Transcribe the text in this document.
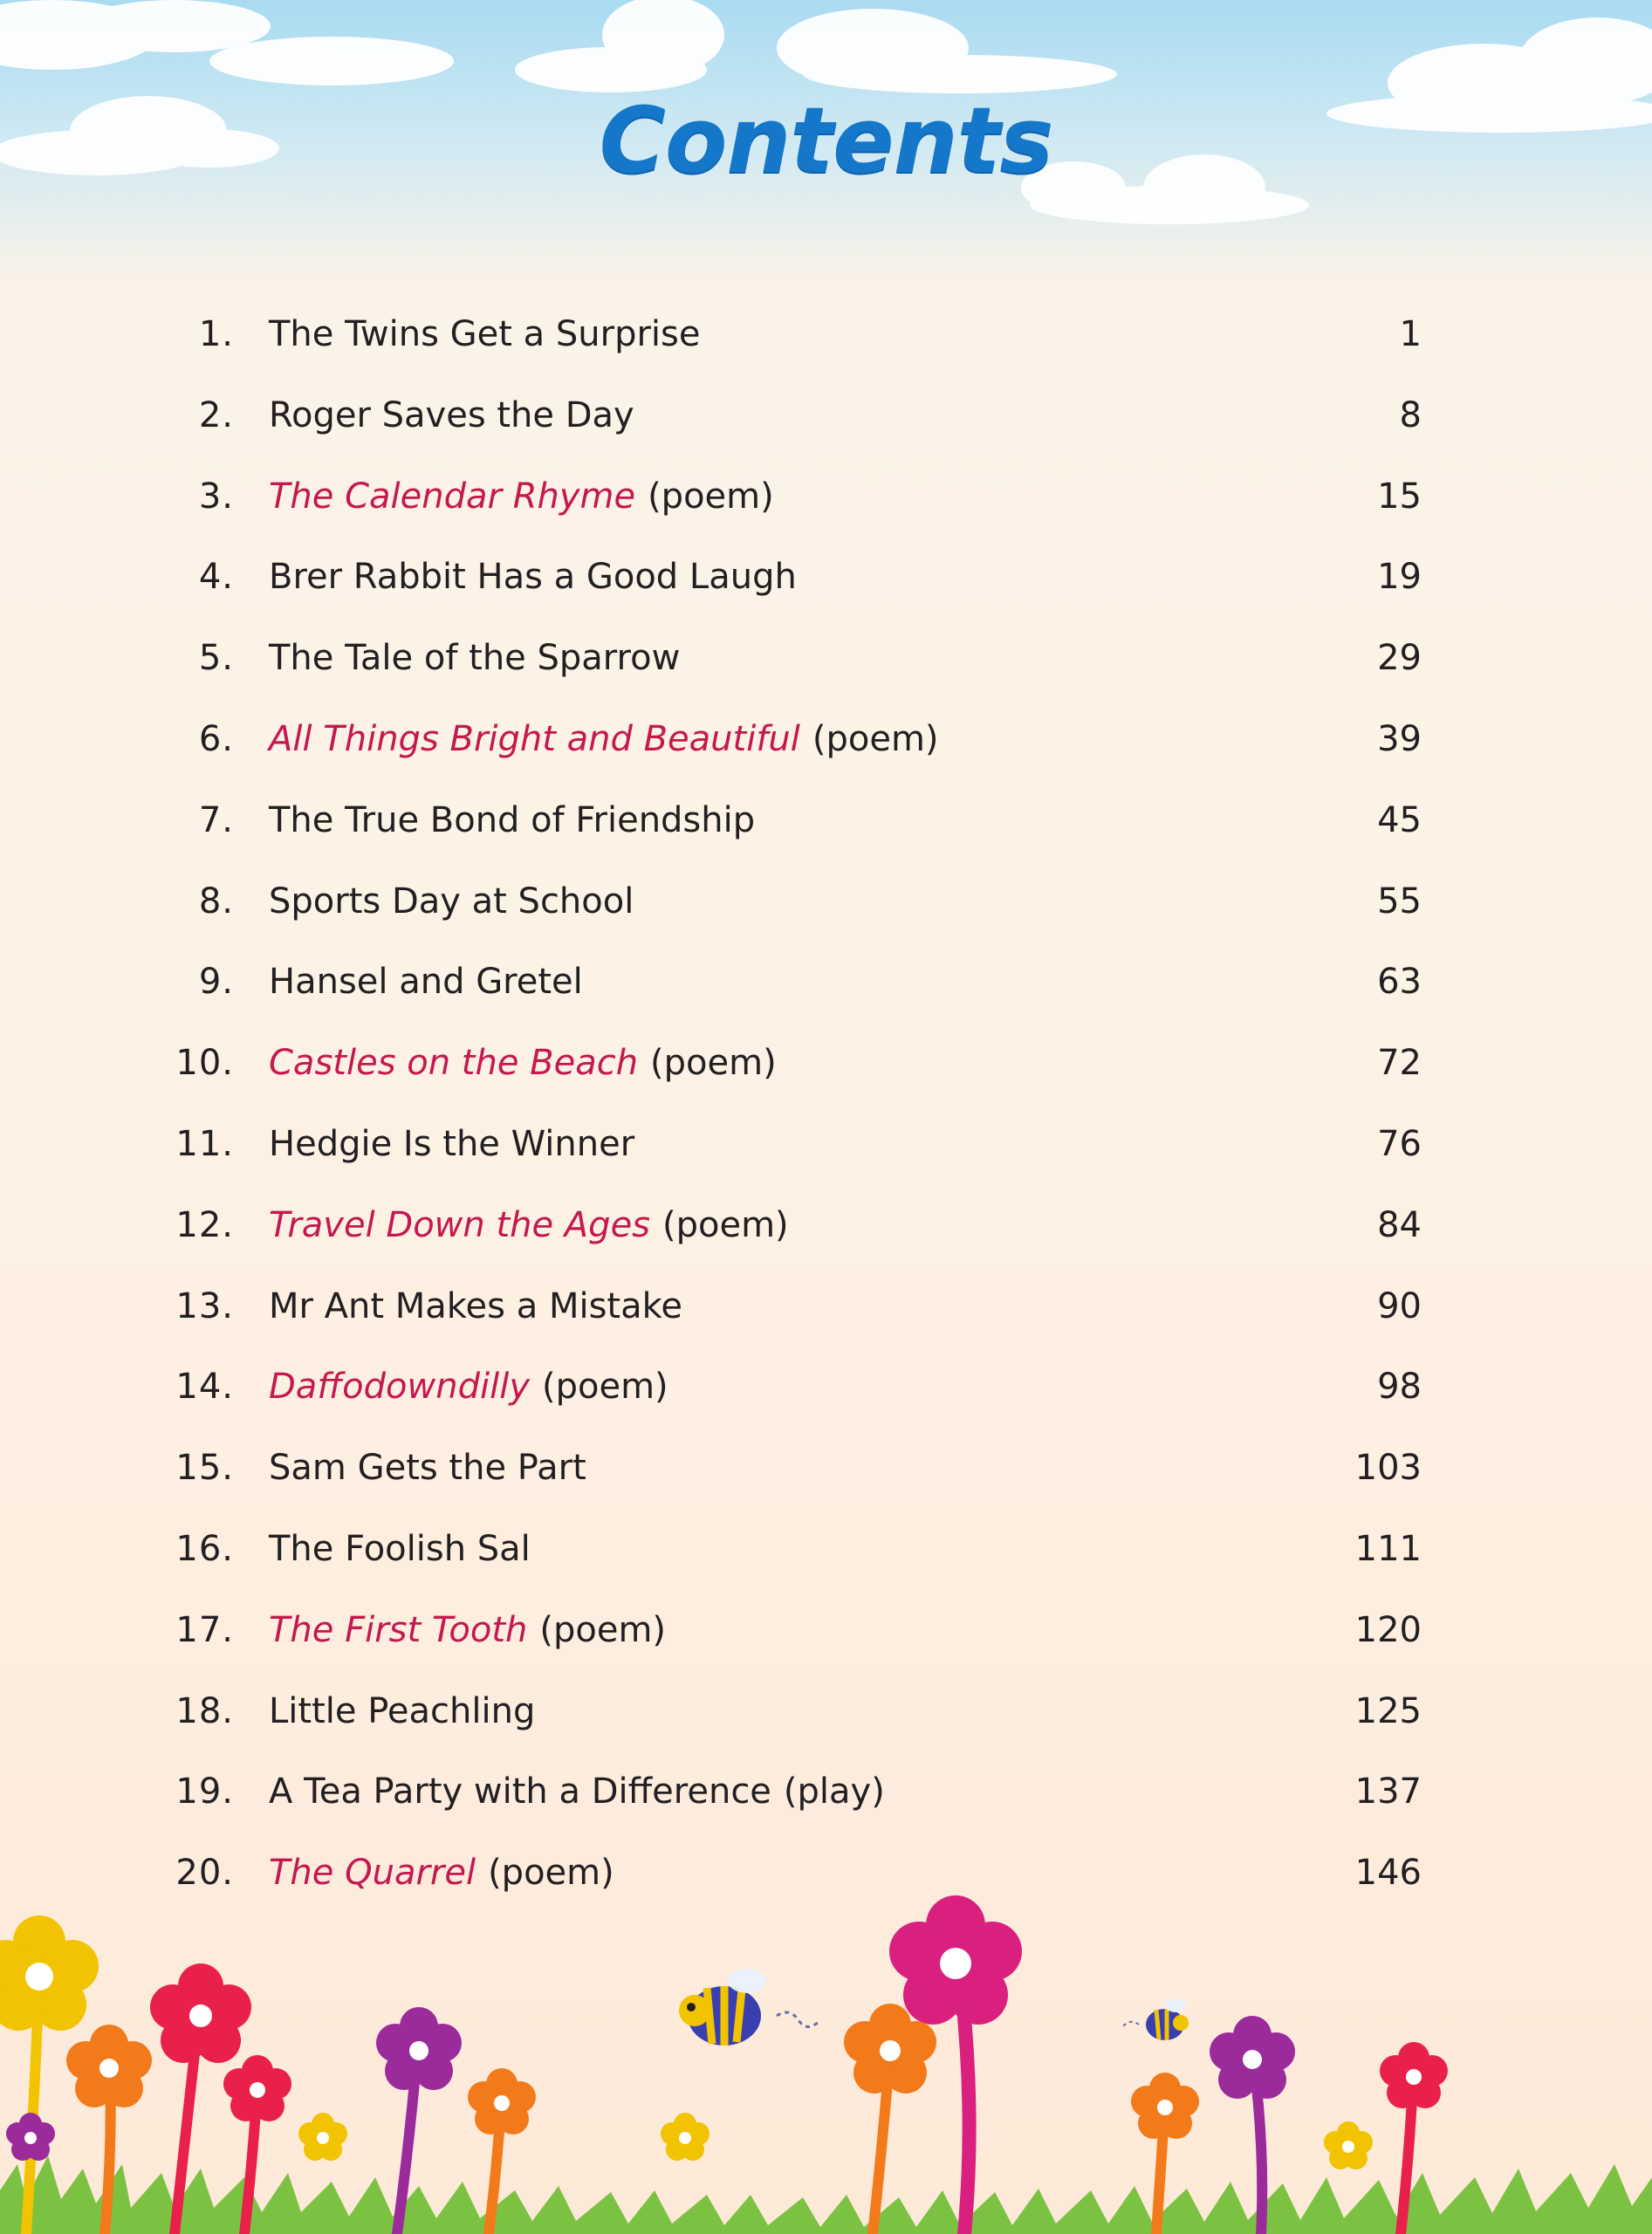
Contents
1. The Twins Get a Surprise	1
2. Roger Saves the Day	8
3. The Calendar Rhyme (poem)	15
4. Brer Rabbit Has a Good Laugh	19
5. The Tale of the Sparrow	29
6. All Things Bright and Beautiful (poem)	39
7. The True Bond of Friendship	45
8. Sports Day at School	55
9. Hansel and Gretel	63
10. Castles on the Beach (poem)	72
11. Hedgie Is the Winner	76
12. Travel Down the Ages (poem)	84
13. Mr Ant Makes a Mistake	90
14. Daffodowndilly (poem)	98
15. Sam Gets the Part	103
16. The Foolish Sal	111
17. The First Tooth (poem)	120
18. Little Peachling	125
19. A Tea Party with a Difference (play)	137
20. The Quarrel (poem)	146
